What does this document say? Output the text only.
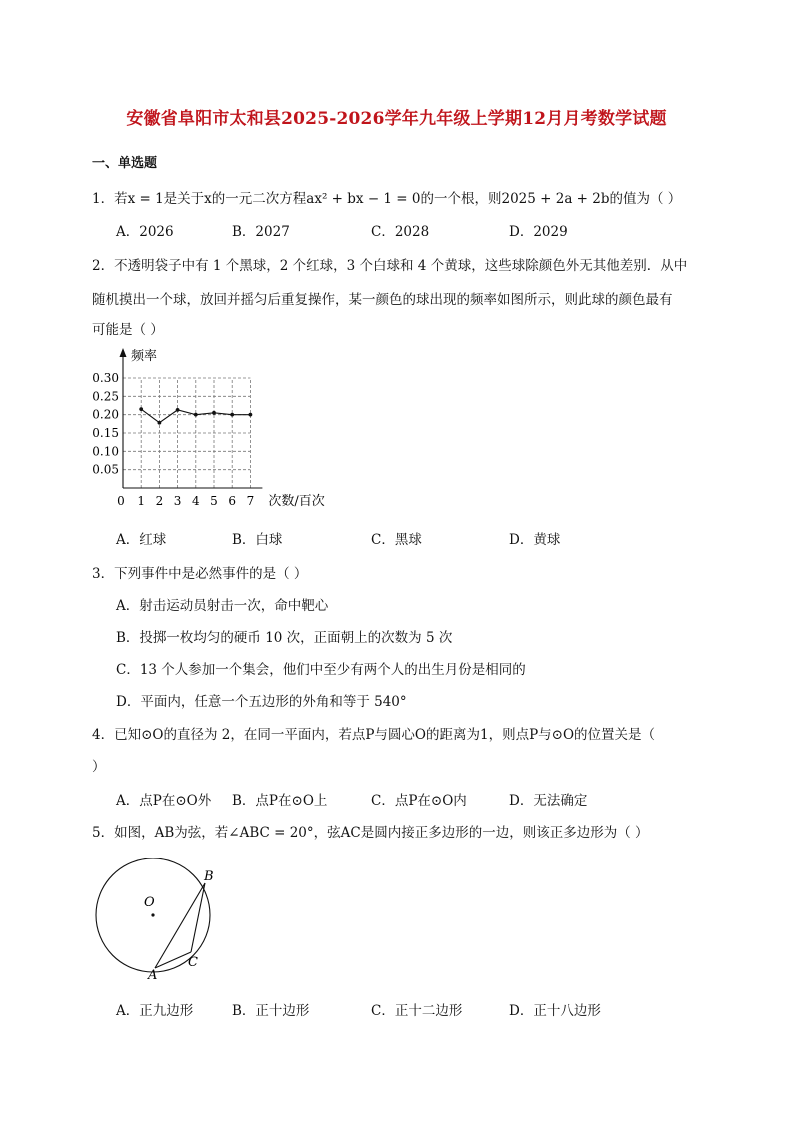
安徽省阜阳市太和县2025-2026学年九年级上学期12月月考数学试题
一、单选题
1．若x = 1是关于x的一元二次方程ax² + bx − 1 = 0的一个根，则2025 + 2a + 2b的值为（ ）
A．2026	B．2027	C．2028	D．2029
2．不透明袋子中有 1 个黑球，2 个红球，3 个白球和 4 个黄球，这些球除颜色外无其他差别．从中
随机摸出一个球，放回并摇匀后重复操作，某一颜色的球出现的频率如图所示，则此球的颜色最有
可能是（ ）
0.05
0.10
0.15
0.20
0.25
0.30
0 1 2 3 4 5 6 7
频率
次数/百次
A．红球	B．白球	C．黑球	D．黄球
3．下列事件中是必然事件的是（ ）
A．射击运动员射击一次，命中靶心
B．投掷一枚均匀的硬币 10 次，正面朝上的次数为 5 次
C．13 个人参加一个集会，他们中至少有两个人的出生月份是相同的
D．平面内，任意一个五边形的外角和等于 540°
4．已知⊙O的直径为 2，在同一平面内，若点P与圆心O的距离为1，则点P与⊙O的位置关是（
）
A．点P在⊙O外 B．点P在⊙O上	C．点P在⊙O内	D．无法确定
5．如图，AB为弦，若∠ABC = 20°，弦AC是圆内接正多边形的一边，则该正多边形为（ ）
O
B
C
A
A．正九边形	B．正十边形	C．正十二边形	D．正十八边形
